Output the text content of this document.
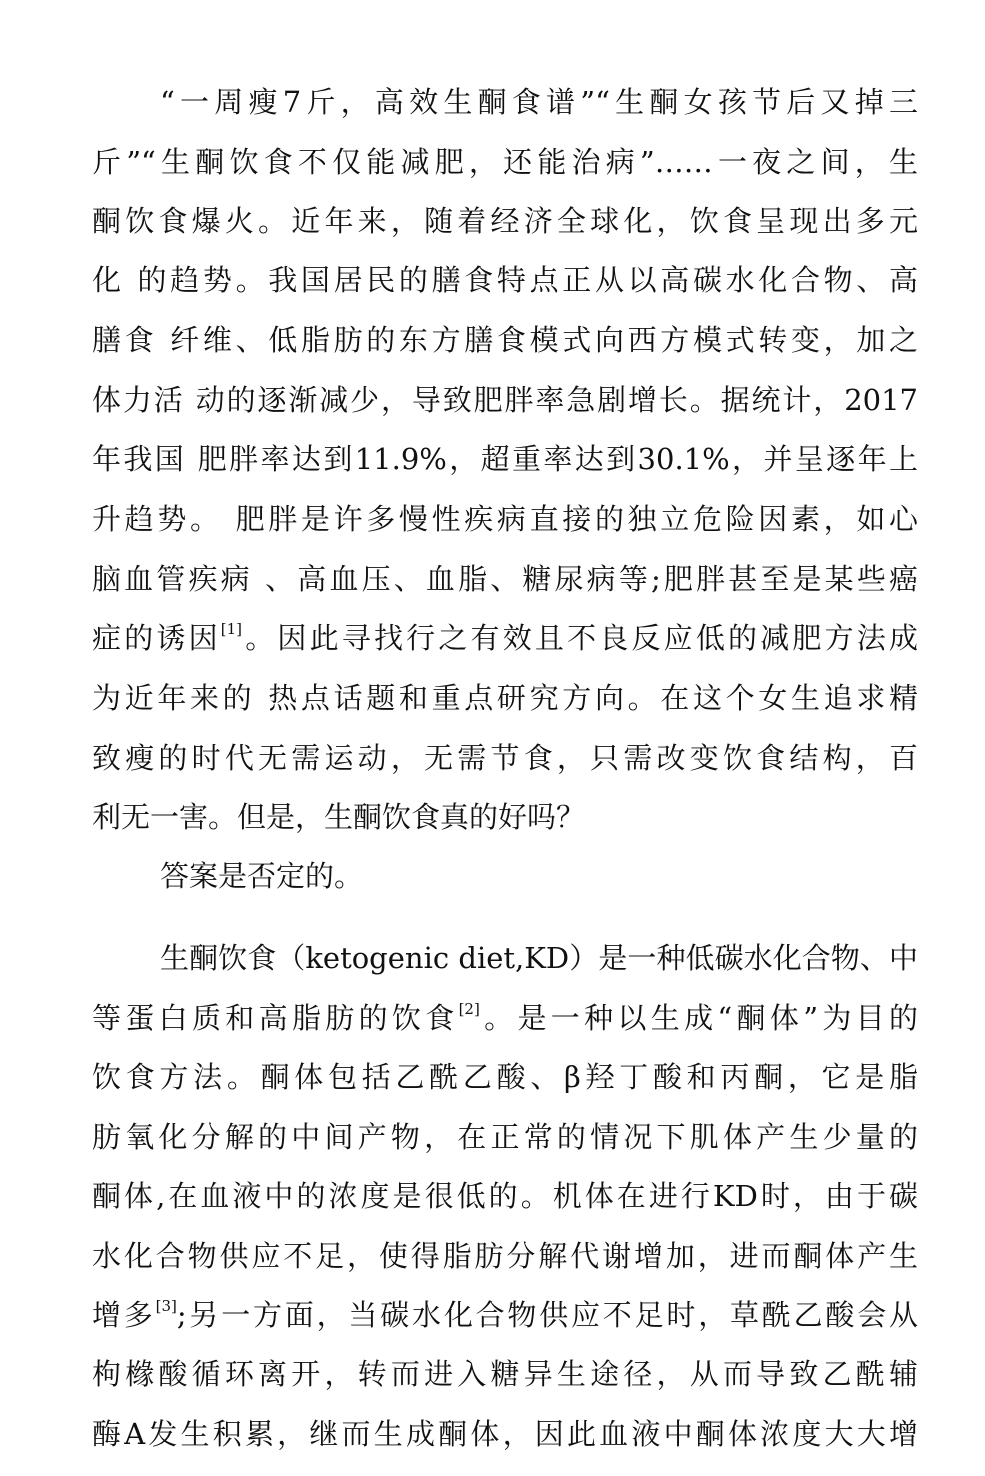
“一周瘦7斤，高效生酮食谱”“生酮女孩节后又掉三
斤”“生酮饮食不仅能减肥，还能治病”……一夜之间，生
酮饮食爆火。近年来，随着经济全球化，饮食呈现出多元
化 的趋势。我国居民的膳食特点正从以高碳水化合物、高
膳食 纤维、低脂肪的东方膳食模式向西方模式转变，加之
体力活 动的逐渐减少，导致肥胖率急剧增长。据统计，2017
年我国 肥胖率达到11.9%，超重率达到30.1%，并呈逐年上
升趋势。 肥胖是许多慢性疾病直接的独立危险因素，如心
脑血管疾病 、高血压、血脂、糖尿病等;肥胖甚至是某些癌
症的诱因[1]。因此寻找行之有效且不良反应低的减肥方法成
为近年来的 热点话题和重点研究方向。在这个女生追求精
致瘦的时代无需运动，无需节食，只需改变饮食结构，百
利无一害。但是，生酮饮食真的好吗？
答案是否定的。
生酮饮食（ketogenic diet,KD）是一种低碳水化合物、中
等蛋白质和高脂肪的饮食[2]。是一种以生成“酮体”为目的
饮食方法。酮体包括乙酰乙酸、β羟丁酸和丙酮，它是脂
肪氧化分解的中间产物，在正常的情况下肌体产生少量的
酮体,在血液中的浓度是很低的。机体在进行KD时，由于碳
水化合物供应不足，使得脂肪分解代谢增加，进而酮体产生
增多[3];另一方面，当碳水化合物供应不足时，草酰乙酸会从
枸橼酸循环离开，转而进入糖异生途径，从而导致乙酰辅
酶A发生积累，继而生成酮体，因此血液中酮体浓度大大增
